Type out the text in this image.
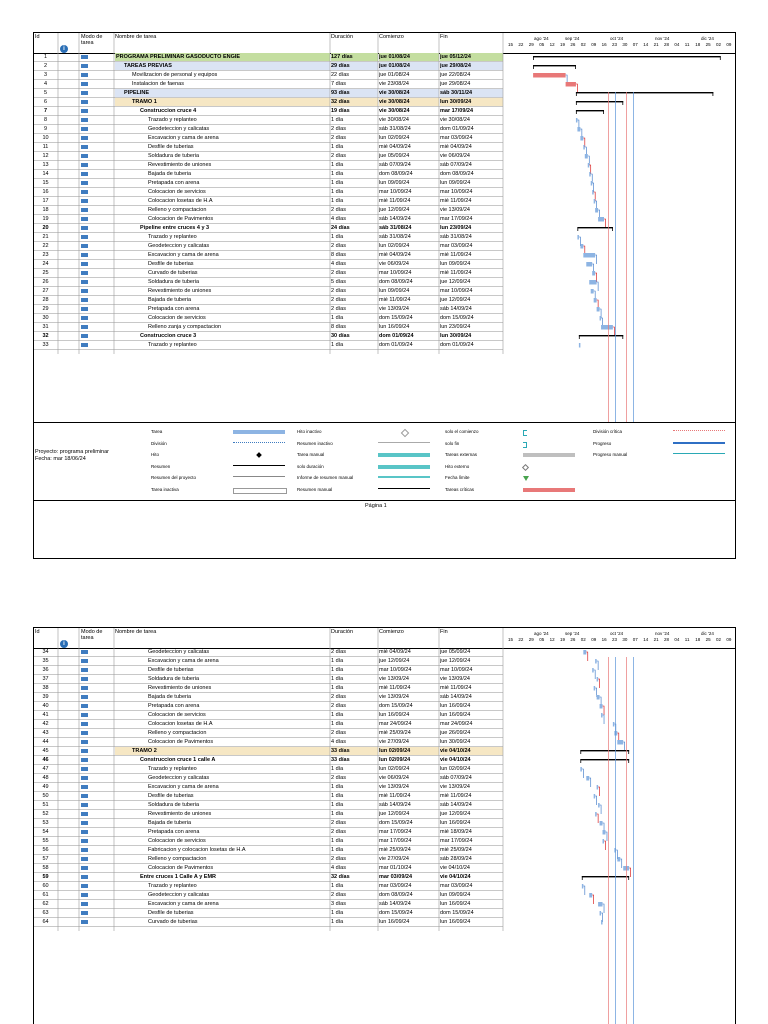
Id
i
Modo de tarea
Nombre de tarea	Duración	Comienzo	Fin	ago '24	sep '24	oct '24	nov '24	dic '24
15 22 29 05 12 19 26 02 09 16 23 30 07 14 21 28 04 11 18 25 02 09
1	PROGRAMA PRELIMINAR GASODUCTO ENGIE	127 días	jue 01/08/24	jue 05/12/24
2	TAREAS PREVIAS	29 días	jue 01/08/24	jue 29/08/24
3	Movilizacion de personal y equipos	22 días	jue 01/08/24	jue 22/08/24
4	Instalacion de faenas	7 días	vie 23/08/24	jue 29/08/24
5	PIPELINE	93 días	vie 30/08/24	sáb 30/11/24
6	TRAMO 1	32 días	vie 30/08/24	lun 30/09/24
7	Construccion cruce 4	19 días	vie 30/08/24	mar 17/09/24
8	Trazado y replanteo	1 día	vie 30/08/24	vie 30/08/24
9	Geodeteccion y calicatas	2 días	sáb 31/08/24	dom 01/09/24
10	Excavacion y cama de arena	2 días	lun 02/09/24	mar 03/09/24
11	Desfile de tuberias	1 día	mié 04/09/24	mié 04/09/24
12	Soldadura de tuberia	2 días	jue 05/09/24	vie 06/09/24
13	Revestimiento de uniones	1 día	sáb 07/09/24	sáb 07/09/24
14	Bajada de tuberia	1 día	dom 08/09/24	dom 08/09/24
15	Pretapada con arena	1 día	lun 09/09/24	lun 09/09/24
16	Colocacion de servicios	1 día	mar 10/09/24	mar 10/09/24
17	Colocacion losetas de H.A	1 día	mié 11/09/24	mié 11/09/24
18	Relleno y compactacion	2 días	jue 12/09/24	vie 13/09/24
19	Colocacion de Pavimentos	4 días	sáb 14/09/24	mar 17/09/24
20	Pipeline entre cruces 4 y 3	24 días	sáb 31/08/24	lun 23/09/24
21	Trazado y replanteo	1 día	sáb 31/08/24	sáb 31/08/24
22	Geodeteccion y calicatas	2 días	lun 02/09/24	mar 03/09/24
23	Excavacion y cama de arena	8 días	mié 04/09/24	mié 11/09/24
24	Desfile de tuberias	4 días	vie 06/09/24	lun 09/09/24
25	Curvado de tuberias	2 días	mar 10/09/24	mié 11/09/24
26	Soldadura de tuberia	5 días	dom 08/09/24	jue 12/09/24
27	Revestimiento de uniones	2 días	lun 09/09/24	mar 10/09/24
28	Bajada de tuberia	2 días	mié 11/09/24	jue 12/09/24
29	Pretapada con arena	2 días	vie 13/09/24	sáb 14/09/24
30	Colocacion de servicios	1 día	dom 15/09/24	dom 15/09/24
31	Relleno zanja y compactacion	8 días	lun 16/09/24	lun 23/09/24
32	Construccion cruce 3	30 días	dom 01/09/24	lun 30/09/24
33	Trazado y replanteo	1 día	dom 01/09/24	dom 01/09/24
Proyecto: programa preliminar
Fecha: mar 18/06/24
Tarea
División
Hito
Resumen
Resumen del proyecto
Tarea inactiva
Hito inactivo
Resumen inactivo
Tarea manual
solo duración
Informe de resumen manual
Resumen manual
solo el comienzo
solo fin
Tareas externas
Hito externo
Fecha límite
Tareas críticas
División crítica
Progreso
Progreso manual
Página 1
Id
i
Modo de tarea
Nombre de tarea	Duración	Comienzo	Fin	ago '24	sep '24	oct '24	nov '24	dic '24
15 22 29 05 12 19 26 02 09 16 23 30 07 14 21 28 04 11 18 25 02 09
34	Geodeteccion y calicatas	2 días	mié 04/09/24	jue 05/09/24
35	Excavacion y cama de arena	1 día	jue 12/09/24	jue 12/09/24
36	Desfile de tuberias	1 día	mar 10/09/24	mar 10/09/24
37	Soldadura de tuberia	1 día	vie 13/09/24	vie 13/09/24
38	Revestimiento de uniones	1 día	mié 11/09/24	mié 11/09/24
39	Bajada de tuberia	2 días	vie 13/09/24	sáb 14/09/24
40	Pretapada con arena	2 días	dom 15/09/24	lun 16/09/24
41	Colocacion de servicios	1 día	lun 16/09/24	lun 16/09/24
42	Colocacion losetas de H.A	1 día	mar 24/09/24	mar 24/09/24
43	Relleno y compactacion	2 días	mié 25/09/24	jue 26/09/24
44	Colocacion de Pavimentos	4 días	vie 27/09/24	lun 30/09/24
45	TRAMO 2	33 días	lun 02/09/24	vie 04/10/24
46	Construccion cruce 1 calle A	33 días	lun 02/09/24	vie 04/10/24
47	Trazado y replanteo	1 día	lun 02/09/24	lun 02/09/24
48	Geodeteccion y calicatas	2 días	vie 06/09/24	sáb 07/09/24
49	Excavacion y cama de arena	1 día	vie 13/09/24	vie 13/09/24
50	Desfile de tuberias	1 día	mié 11/09/24	mié 11/09/24
51	Soldadura de tuberia	1 día	sáb 14/09/24	sáb 14/09/24
52	Revestimiento de uniones	1 día	jue 12/09/24	jue 12/09/24
53	Bajada de tuberia	2 días	dom 15/09/24	lun 16/09/24
54	Pretapada con arena	2 días	mar 17/09/24	mié 18/09/24
55	Colocacion de servicios	1 día	mar 17/09/24	mar 17/09/24
56	Fabricacion y colocacion losetas de H.A	1 día	mié 25/09/24	mié 25/09/24
57	Relleno y compactacion	2 días	vie 27/09/24	sáb 28/09/24
58	Colocacion de Pavimentos	4 días	mar 01/10/24	vie 04/10/24
59	Entre cruces 1 Calle A y EMR	32 días	mar 03/09/24	vie 04/10/24
60	Trazado y replanteo	1 día	mar 03/09/24	mar 03/09/24
61	Geodeteccion y calicatas	2 días	dom 08/09/24	lun 09/09/24
62	Excavacion y cama de arena	3 días	sáb 14/09/24	lun 16/09/24
63	Desfile de tuberias	1 día	dom 15/09/24	dom 15/09/24
64	Curvado de tuberias	1 día	lun 16/09/24	lun 16/09/24
